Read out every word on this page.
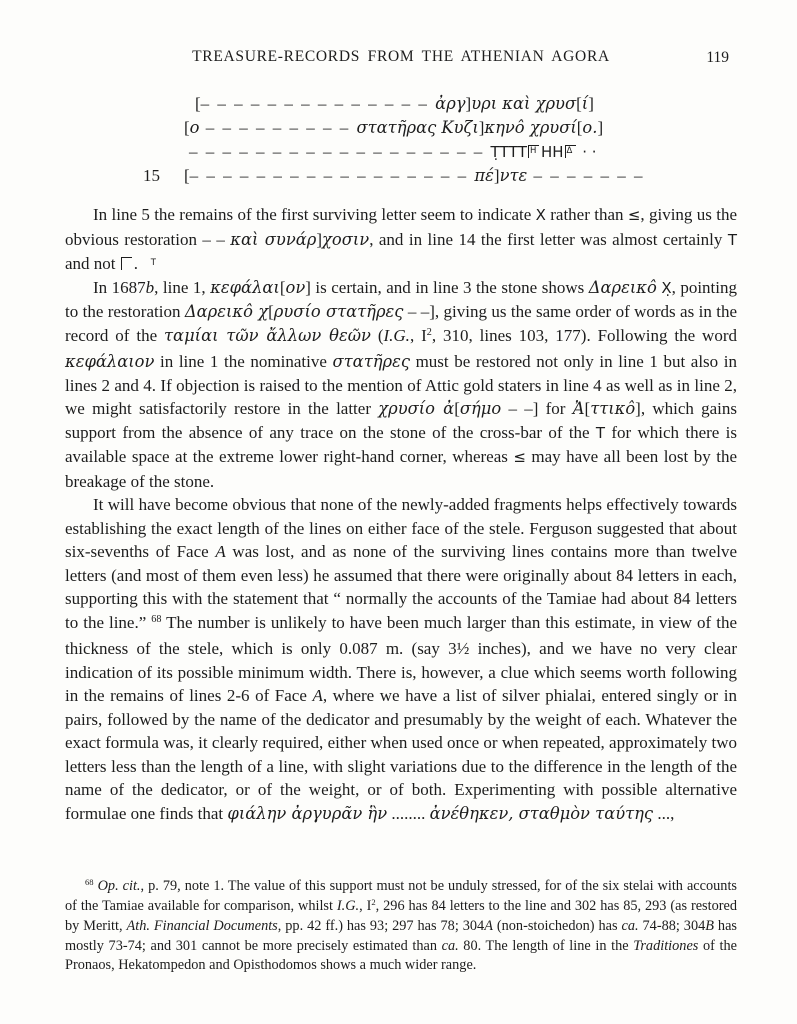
TREASURE-RECORDS FROM THE ATHENIAN AGORA	119
[– – – – – – – – – – – – – – ἀργ]υρι καὶ χρυσ[ί]
[ο – – – – – – – – – στατῆρας Κυζι]κηνô χρυσί[ο.]
– – – – – – – – – – – – – – – – – – Τ̣ΤΤΤ Η ΗΗ Δ · ·
15 [– – – – – – – – – – – – – – – – – πέ]ντε – – – – – – –

In line 5 the remains of the first surviving letter seem to indicate Χ rather than ≤, giving us the obvious restoration – – καὶ συνάρ]χοσιν, and in line 14 the first letter was almost certainly Τ and not	Τ
.

In 1687b, line 1, κεφάλαι[ον] is certain, and in line 3 the stone shows Δαρεικô Χ̣, pointing to the restoration Δαρεικô χ[ρυσίο στατῆρες – –], giving us the same order of words as in the record of the ταμίαι τῶν ἄλλων θεῶν (I.G., $I^2$, 310, lines 103, 177). Following the word κεφάλαιον in line 1 the nominative στατῆρες must be restored not only in line 1 but also in lines 2 and 4. If objection is raised to the mention of Attic gold staters in line 4 as well as in line 2, we might satisfactorily restore in the latter χρυσίο ἀ[σήμο – –] for Ἀ[ττικô], which gains support from the absence of any trace on the stone of the cross-bar of the Τ for which there is available space at the extreme lower right-hand corner, whereas ≤ may have all been lost by the breakage of the stone.

It will have become obvious that none of the newly-added fragments helps effectively towards establishing the exact length of the lines on either face of the stele. Ferguson suggested that about six-sevenths of Face A was lost, and as none of the surviving lines contains more than twelve letters (and most of them even less) he assumed that there were originally about 84 letters in each, supporting this with the statement that “ normally the accounts of the Tamiae had about 84 letters to the line.” $^{68}$ The number is unlikely to have been much larger than this estimate, in view of the thickness of the stele, which is only 0.087 m. (say 3½ inches), and we have no very clear indication of its possible minimum width. There is, however, a clue which seems worth following in the remains of lines 2-6 of Face A, where we have a list of silver phialai, entered singly or in pairs, followed by the name of the dedicator and presumably by the weight of each. Whatever the exact formula was, it clearly required, either when used once or when repeated, approximately two letters less than the length of a line, with slight variations due to the difference in the length of the name of the dedicator, or of the weight, or of both. Experimenting with possible alternative formulae one finds that φιάλην ἀργυρᾶν ἣν ........ ἀνέθηκεν, σταθμὸν ταύτης ...,

$^{68}$ Op. cit., p. 79, note 1. The value of this support must not be unduly stressed, for of the six stelai with accounts of the Tamiae available for comparison, whilst I.G., $I^2$, 296 has 84 letters to the line and 302 has 85, 293 (as restored by Meritt, Ath. Financial Documents, pp. 42 ff.) has 93; 297 has 78; 304A (non-stoichedon) has ca. 74-88; 304B has mostly 73-74; and 301 cannot be more precisely estimated than ca. 80. The length of line in the Traditiones of the Pronaos, Hekatompedon and Opisthodomos shows a much wider range.
